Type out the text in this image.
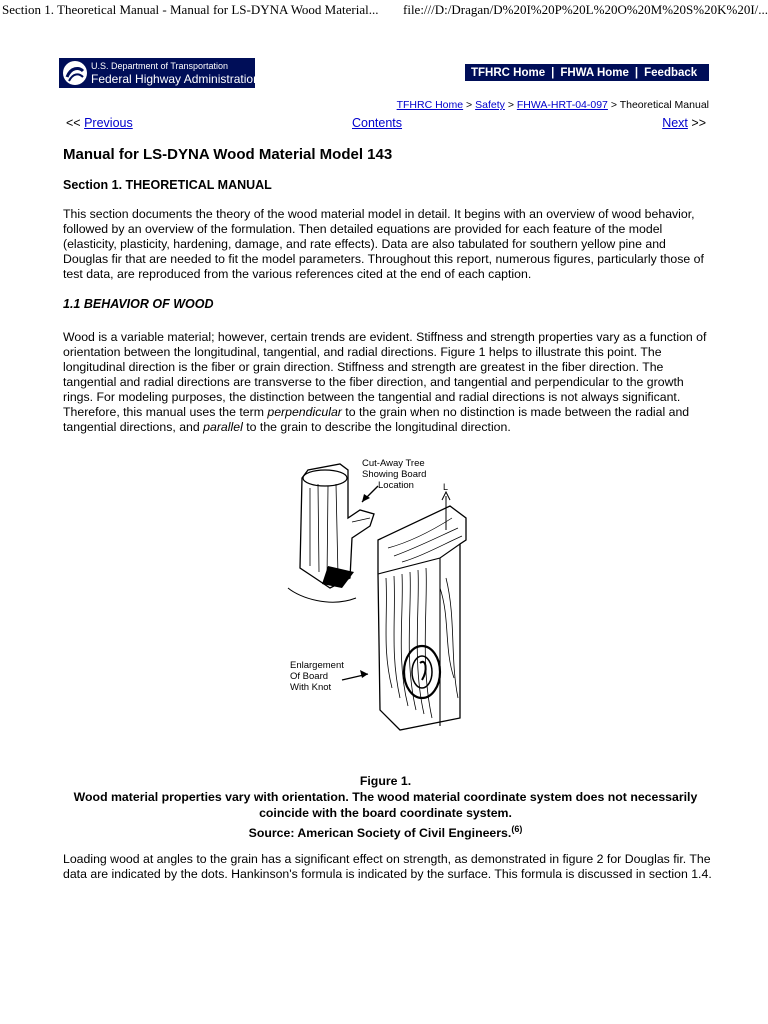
Section 1. Theoretical Manual - Manual for LS-DYNA Wood Material... file:///D:/Dragan/D%20I%20P%20L%20O%20M%20S%20K%20I/...
U.S. Department of Transportation
Federal Highway Administration	TFHRC Home | FHWA Home | Feedback
TFHRC Home > Safety > FHWA-HRT-04-097 > Theoretical Manual
<< Previous	Contents	Next >>
Manual for LS-DYNA Wood Material Model 143
Section 1. THEORETICAL MANUAL
This section documents the theory of the wood material model in detail. It begins with an overview of wood behavior, followed by an overview of the formulation. Then detailed equations are provided for each feature of the model (elasticity, plasticity, hardening, damage, and rate effects). Data are also tabulated for southern yellow pine and Douglas fir that are needed to fit the model parameters. Throughout this report, numerous figures, particularly those of test data, are reproduced from the various references cited at the end of each caption.
1.1 BEHAVIOR OF WOOD
Wood is a variable material; however, certain trends are evident. Stiffness and strength properties vary as a function of orientation between the longitudinal, tangential, and radial directions. Figure 1 helps to illustrate this point. The longitudinal direction is the fiber or grain direction. Stiffness and strength are greatest in the fiber direction. The tangential and radial directions are transverse to the fiber direction, and tangential and perpendicular to the growth rings. For modeling purposes, the distinction between the tangential and radial directions is not always significant. Therefore, this manual uses the term perpendicular to the grain when no distinction is made between the radial and tangential directions, and parallel to the grain to describe the longitudinal direction.
L
Cut-Away Tree
Showing Board
Location
Enlargement
Of Board
With Knot
Figure 1.
Wood material properties vary with orientation. The wood material coordinate system does not necessarily coincide with the board coordinate system.
Source: American Society of Civil Engineers.$^{(6)}$
Loading wood at angles to the grain has a significant effect on strength, as demonstrated in figure 2 for Douglas fir. The data are indicated by the dots. Hankinson's formula is indicated by the surface. This formula is discussed in section 1.4.
